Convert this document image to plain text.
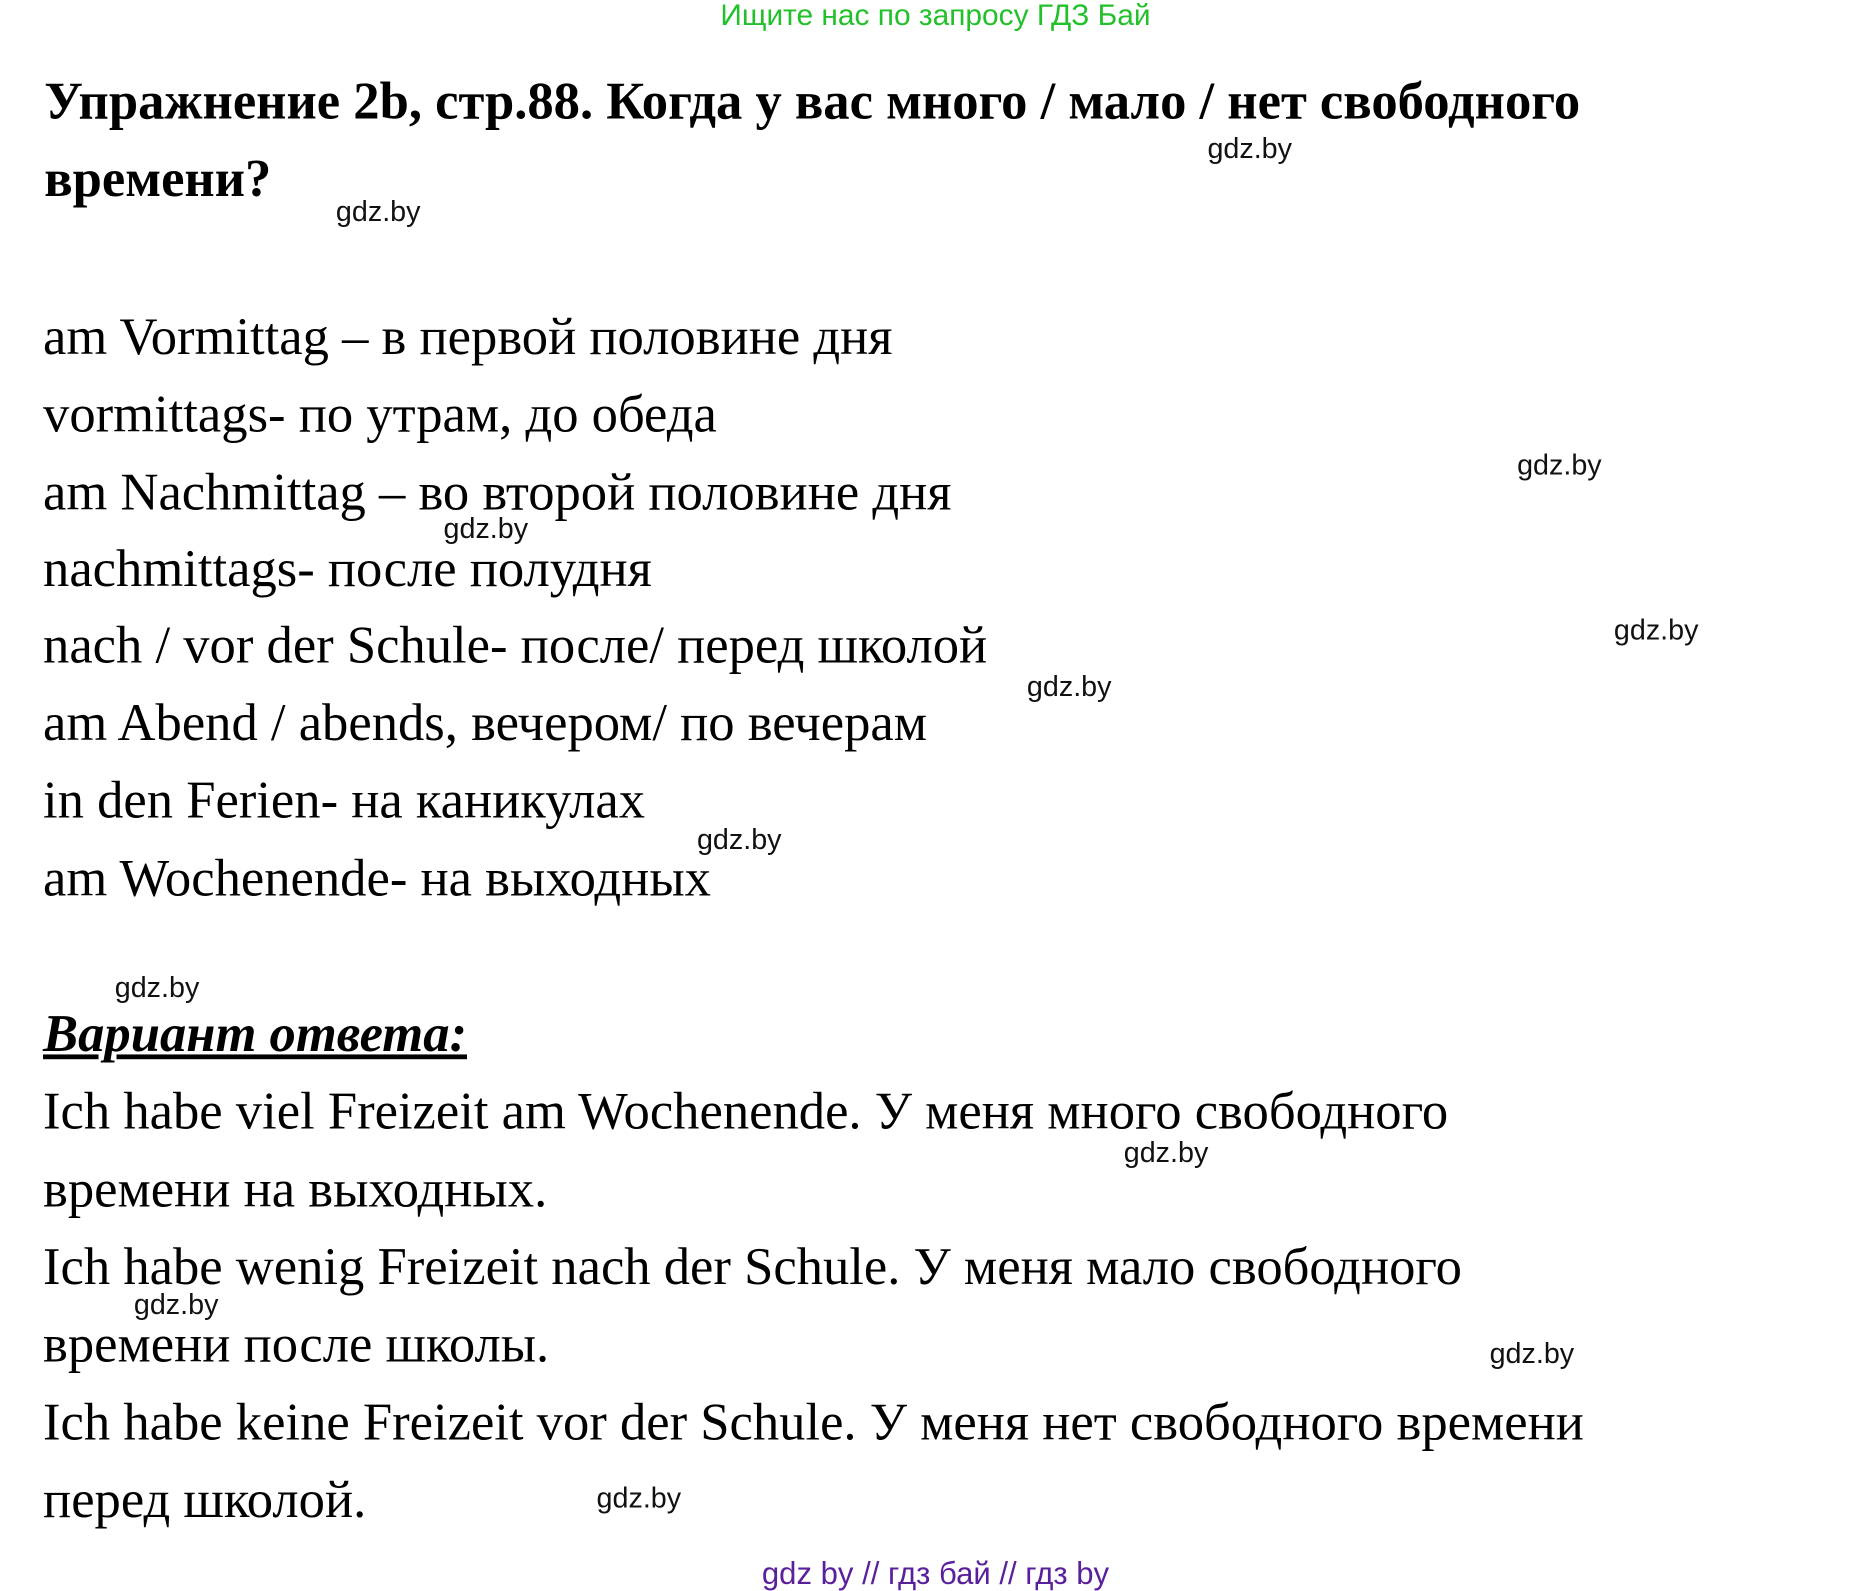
Ищите нас по запросу ГДЗ Бай
Упражнение 2b, стр.88. Когда у вас много / мало / нет свободного
времени?
am Vormittag – в первой половине дня
vormittags- по утрам, до обеда
am Nachmittag – во второй половине дня
nachmittags- после полудня
nach / vor der Schule- после/ перед школой
am Abend / abends, вечером/ по вечерам
in den Ferien- на каникулах
am Wochenende- на выходных
Вариант ответа:
Ich habe viel Freizeit am Wochenende. У меня много свободного
времени на выходных.
Ich habe wenig Freizeit nach der Schule. У меня мало свободного
времени после школы.
Ich habe keine Freizeit vor der Schule. У меня нет свободного времени
перед школой.
gdz.by
gdz.by
gdz.by
gdz.by
gdz.by
gdz.by
gdz.by
gdz.by
gdz.by
gdz.by
gdz.by
gdz.by
gdz by // гдз бай // гдз by
